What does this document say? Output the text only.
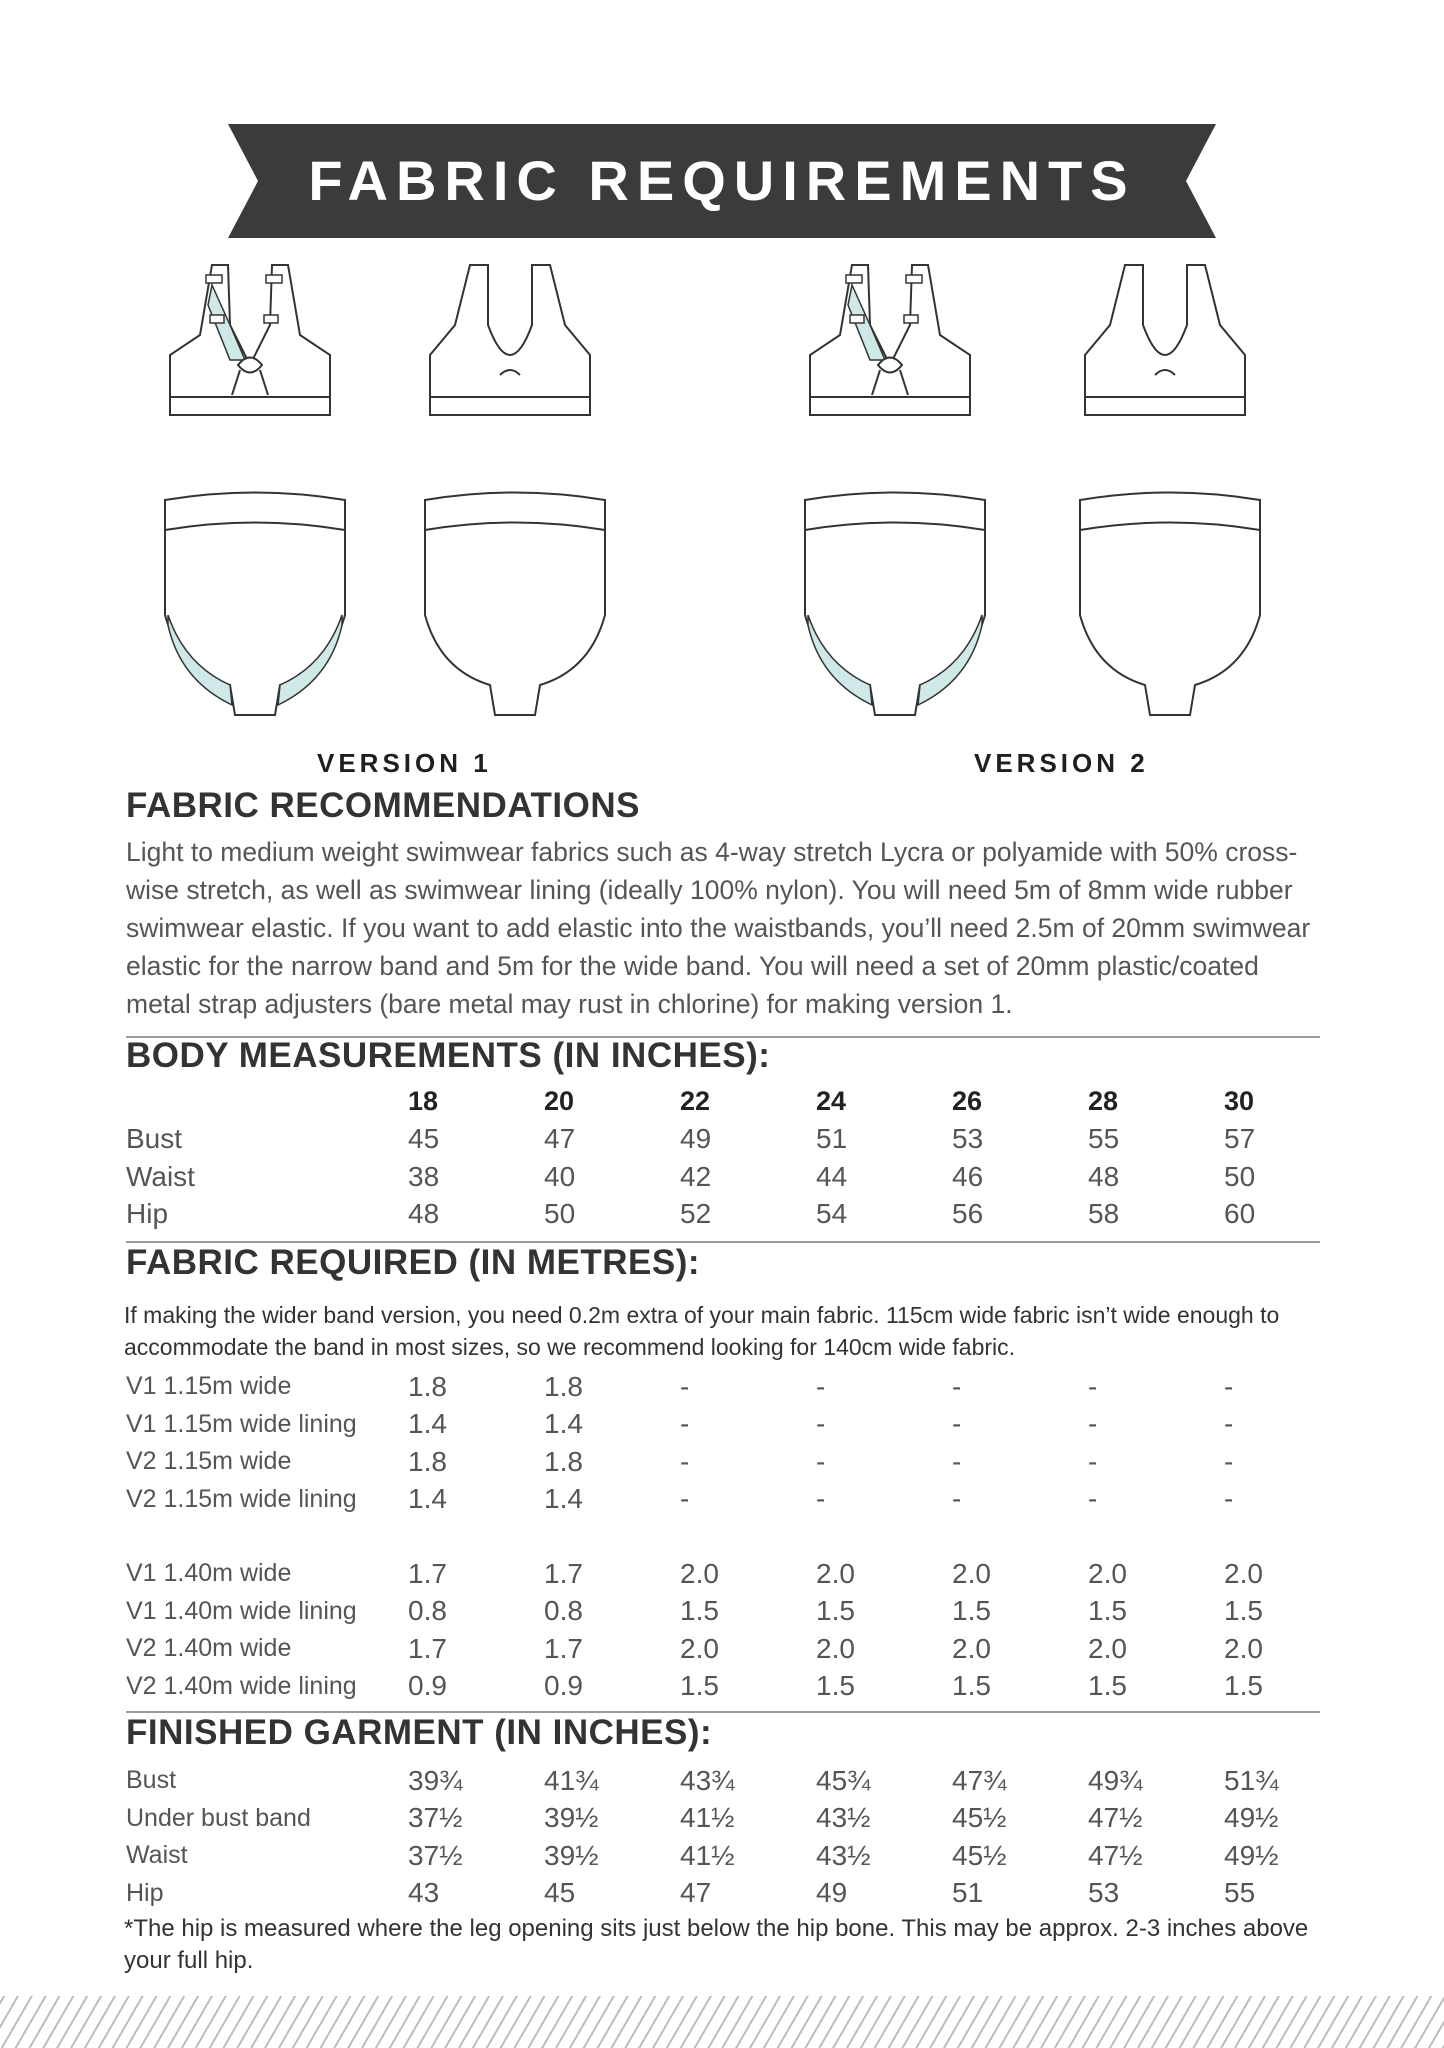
FABRIC REQUIREMENTS
VERSION 1	VERSION 2
FABRIC RECOMMENDATIONS
Light to medium weight swimwear fabrics such as 4-way stretch Lycra or polyamide with 50% cross-wise stretch, as well as swimwear lining (ideally 100% nylon). You will need 5m of 8mm wide rubber swimwear elastic. If you want to add elastic into the waistbands, you’ll need 2.5m of 20mm swimwear elastic for the narrow band and 5m for the wide band. You will need a set of 20mm plastic/coated metal strap adjusters (bare metal may rust in chlorine) for making version 1.
BODY MEASUREMENTS (IN INCHES):
	18	20	22	24	26	28	30
Bust	45	47	49	51	53	55	57
Waist	38	40	42	44	46	48	50
Hip	48	50	52	54	56	58	60
FABRIC REQUIRED (IN METRES):
If making the wider band version, you need 0.2m extra of your main fabric. 115cm wide fabric isn’t wide enough to accommodate the band in most sizes, so we recommend looking for 140cm wide fabric.
V1 1.15m wide	1.8	1.8	-	-	-	-	-
V1 1.15m wide lining	1.4	1.4	-	-	-	-	-
V2 1.15m wide	1.8	1.8	-	-	-	-	-
V2 1.15m wide lining	1.4	1.4	-	-	-	-	-

V1 1.40m wide	1.7	1.7	2.0	2.0	2.0	2.0	2.0
V1 1.40m wide lining	0.8	0.8	1.5	1.5	1.5	1.5	1.5
V2 1.40m wide	1.7	1.7	2.0	2.0	2.0	2.0	2.0
V2 1.40m wide lining	0.9	0.9	1.5	1.5	1.5	1.5	1.5
FINISHED GARMENT (IN INCHES):
Bust	39¾	41¾	43¾	45¾	47¾	49¾	51¾
Under bust band	37½	39½	41½	43½	45½	47½	49½
Waist	37½	39½	41½	43½	45½	47½	49½
Hip	43	45	47	49	51	53	55
*The hip is measured where the leg opening sits just below the hip bone. This may be approx. 2-3 inches above your full hip.
